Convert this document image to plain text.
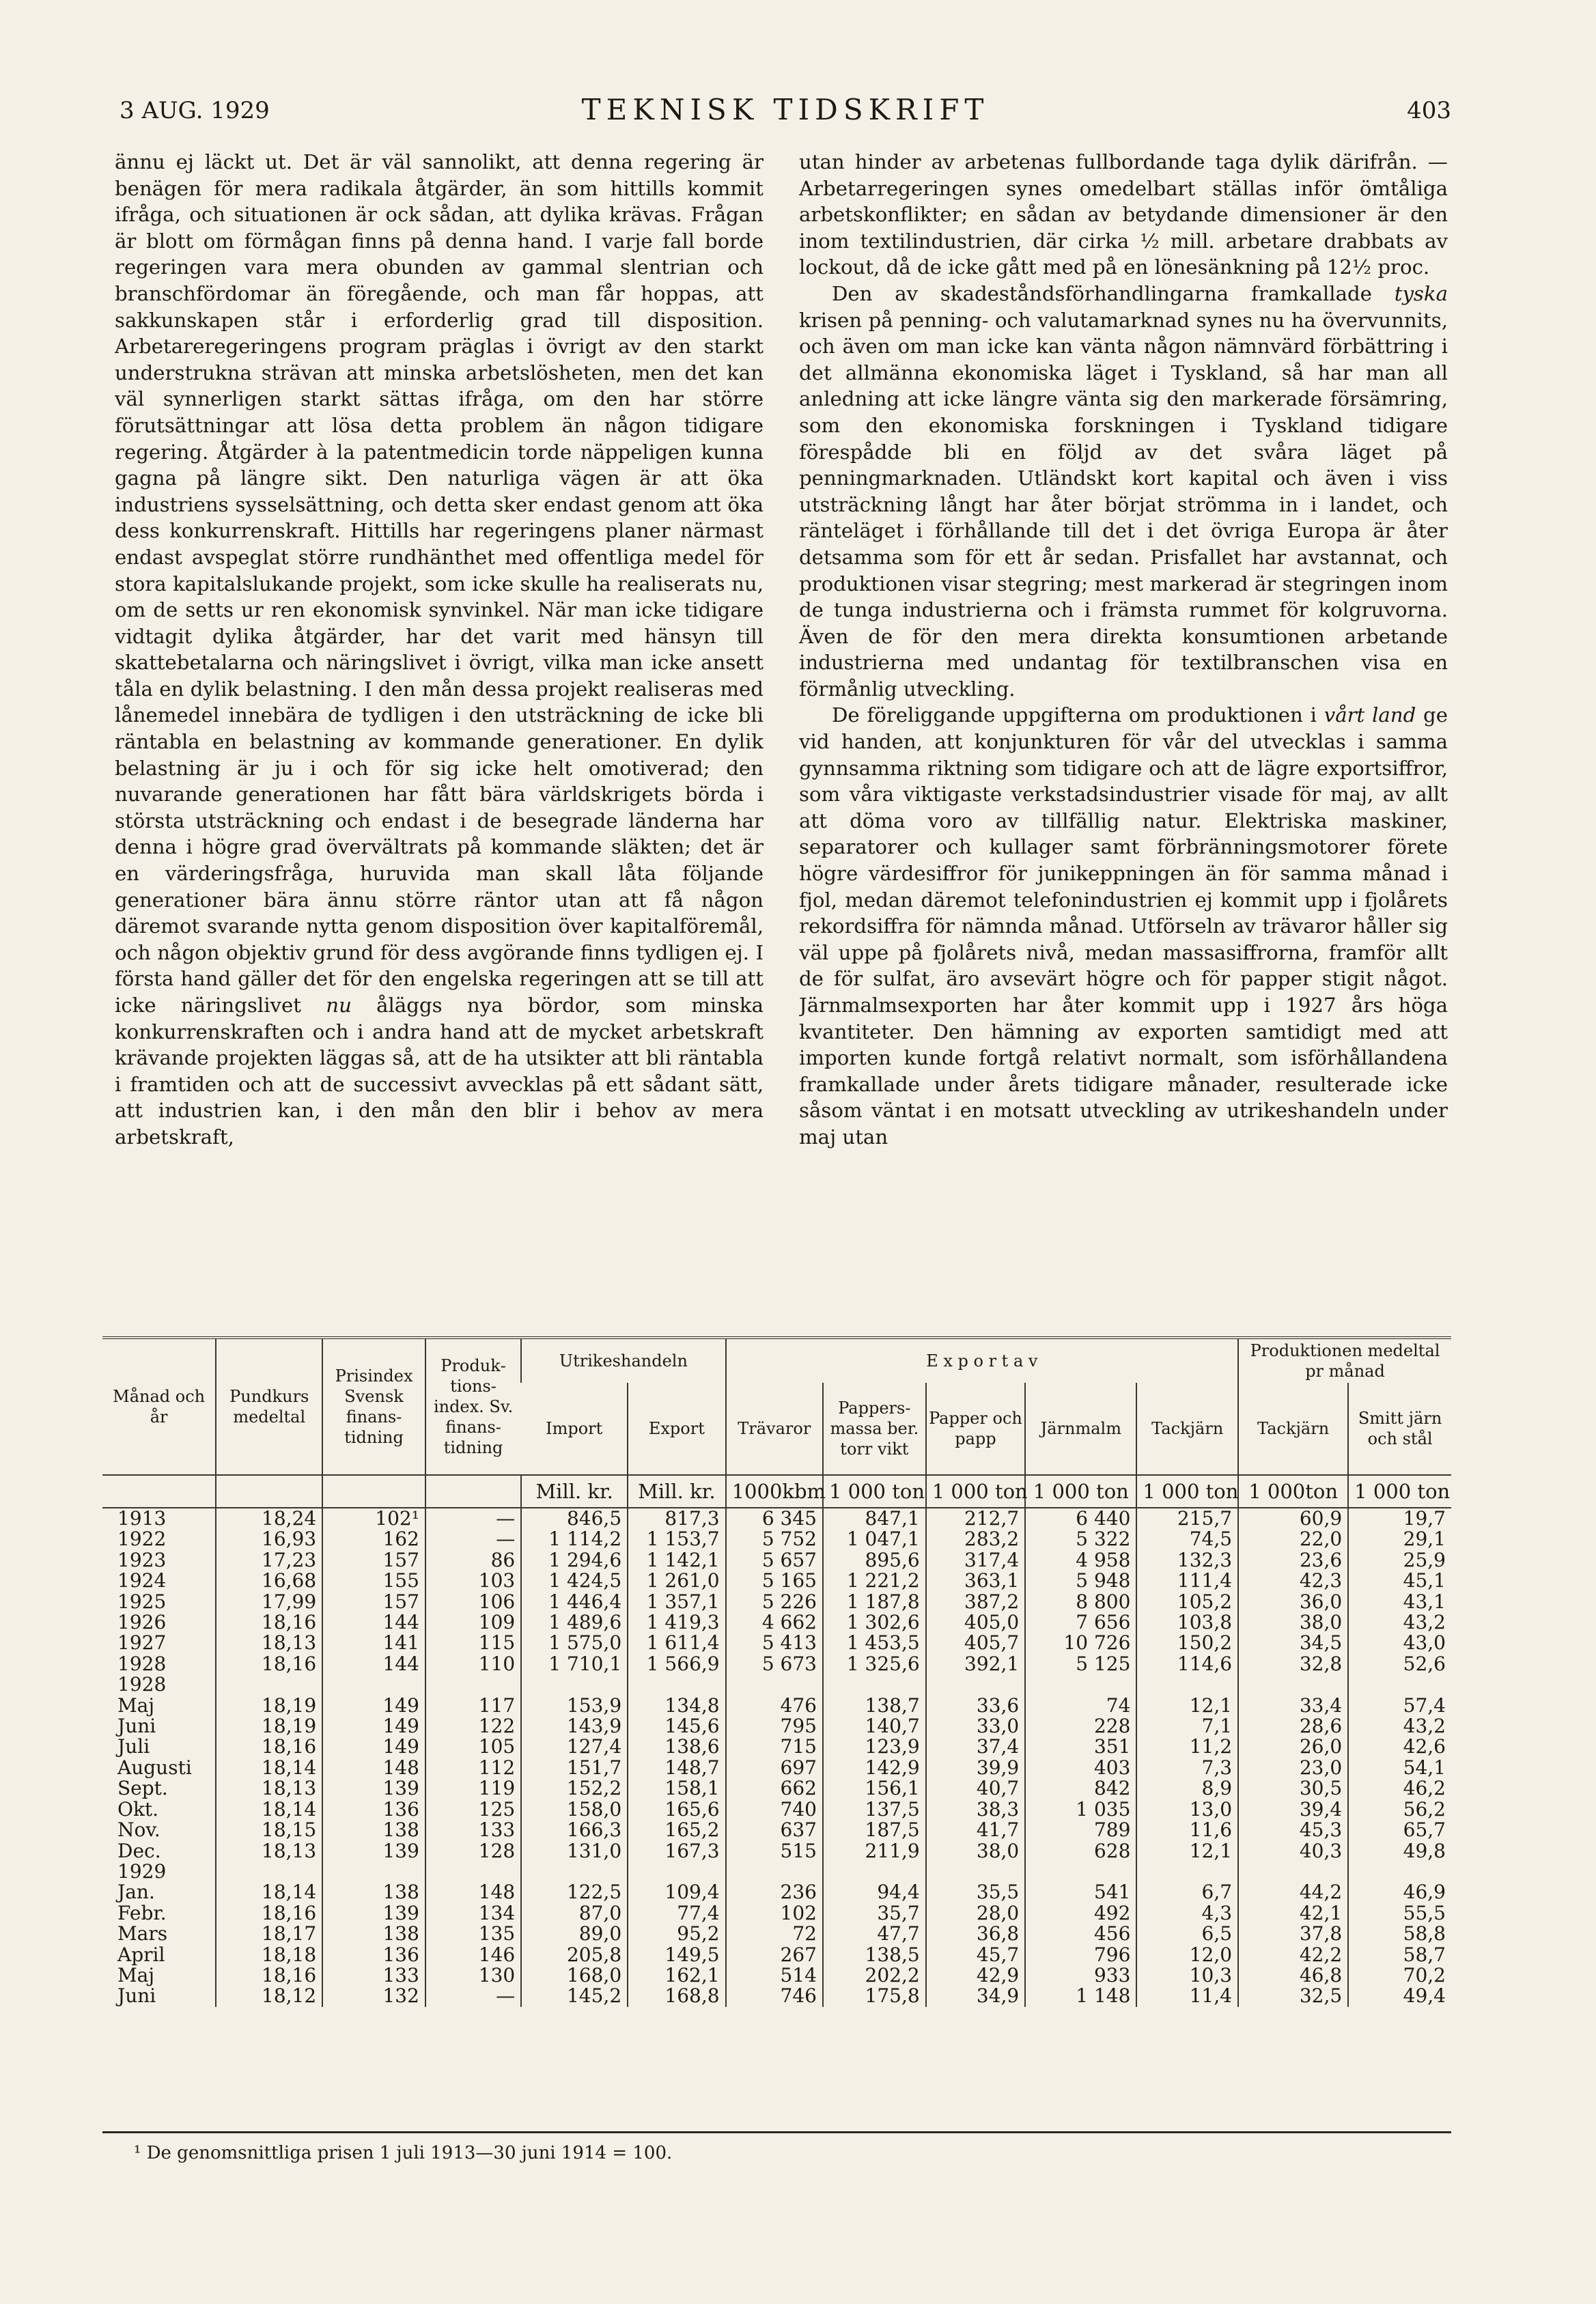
3 AUG. 1929	TEKNISK TIDSKRIFT	403

ännu ej läckt ut. Det är väl sannolikt, att denna regering är benägen för mera radikala åtgärder, än som hittills kommit ifråga, och situationen är ock sådan, att dylika krävas. Frågan är blott om förmågan finns på denna hand. I varje fall borde regeringen vara mera obunden av gammal slentrian och branschfördomar än föregående, och man får hoppas, att sakkunskapen står i erforderlig grad till disposition. Arbetareregeringens program präglas i övrigt av den starkt understrukna strävan att minska arbetslösheten, men det kan väl synnerligen starkt sättas ifråga, om den har större förutsättningar att lösa detta problem än någon tidigare regering. Åtgärder à la patentmedicin torde näppeligen kunna gagna på längre sikt. Den naturliga vägen är att öka industriens sysselsättning, och detta sker endast genom att öka dess konkurrenskraft. Hittills har regeringens planer närmast endast avspeglat större rundhänthet med offentliga medel för stora kapitalslukande projekt, som icke skulle ha realiserats nu, om de setts ur ren ekonomisk synvinkel. När man icke tidigare vidtagit dylika åtgärder, har det varit med hänsyn till skattebetalarna och näringslivet i övrigt, vilka man icke ansett tåla en dylik belastning. I den mån dessa projekt realiseras med lånemedel innebära de tydligen i den utsträckning de icke bli räntabla en belastning av kommande generationer. En dylik belastning är ju i och för sig icke helt omotiverad; den nuvarande generationen har fått bära världskrigets börda i största utsträckning och endast i de besegrade länderna har denna i högre grad övervältrats på kommande släkten; det är en värderingsfråga, huruvida man skall låta följande generationer bära ännu större räntor utan att få någon däremot svarande nytta genom disposition över kapitalföremål, och någon objektiv grund för dess avgörande finns tydligen ej. I första hand gäller det för den engelska regeringen att se till att icke näringslivet nu åläggs nya bördor, som minska konkurrenskraften och i andra hand att de mycket arbetskraft krävande projekten läggas så, att de ha utsikter att bli räntabla i framtiden och att de successivt avvecklas på ett sådant sätt, att industrien kan, i den mån den blir i behov av mera arbetskraft,

utan hinder av arbetenas fullbordande taga dylik därifrån. — Arbetarregeringen synes omedelbart ställas inför ömtåliga arbetskonflikter; en sådan av betydande dimensioner är den inom textilindustrien, där cirka ½ mill. arbetare drabbats av lockout, då de icke gått med på en lönesänkning på 12½ proc.

Den av skadeståndsförhandlingarna framkallade tyska krisen på penning- och valutamarknad synes nu ha övervunnits, och även om man icke kan vänta någon nämnvärd förbättring i det allmänna ekonomiska läget i Tyskland, så har man all anledning att icke längre vänta sig den markerade försämring, som den ekonomiska forskningen i Tyskland tidigare förespådde bli en följd av det svåra läget på penningmarknaden. Utländskt kort kapital och även i viss utsträckning långt har åter börjat strömma in i landet, och ränteläget i förhållande till det i det övriga Europa är åter detsamma som för ett år sedan. Prisfallet har avstannat, och produktionen visar stegring; mest markerad är stegringen inom de tunga industrierna och i främsta rummet för kolgruvorna. Även de för den mera direkta konsumtionen arbetande industrierna med undantag för textilbranschen visa en förmånlig utveckling.

De föreliggande uppgifterna om produktionen i vårt land ge vid handen, att konjunkturen för vår del utvecklas i samma gynnsamma riktning som tidigare och att de lägre exportsiffror, som våra viktigaste verkstadsindustrier visade för maj, av allt att döma voro av tillfällig natur. Elektriska maskiner, separatorer och kullager samt förbränningsmotorer förete högre värdesiffror för junikeppningen än för samma månad i fjol, medan däremot telefonindustrien ej kommit upp i fjolårets rekordsiffra för nämnda månad. Utförseln av trävaror håller sig väl uppe på fjolårets nivå, medan massasiffrorna, framför allt de för sulfat, äro avsevärt högre och för papper stigit något. Järnmalmsexporten har åter kommit upp i 1927 års höga kvantiteter. Den hämning av exporten samtidigt med att importen kunde fortgå relativt normalt, som isförhållandena framkallade under årets tidigare månader, resulterade icke såsom väntat i en motsatt utveckling av utrikeshandeln under maj utan

Månad och år	Pundkurs medeltal	Prisindex Svensk finanstidning	Produktionsindex. Sv. finanstidning	Utrikeshandeln		E x p o r t a v					Produktionen medeltal pr månad	
				Import	Export	Trävaror	Pappersmassa ber. torr vikt	Papper och papp	Järnmalm	Tackjärn	Tackjärn	Smitt järn och stål
				Mill. kr.	Mill. kr.	1000kbm	1 000 ton	1 000 ton	1 000 ton	1 000 ton	1 000ton	1 000 ton
1913	18,24	102¹	—	846,5	817,3	6 345	847,1	212,7	6 440	215,7	60,9	19,7
1922	16,93	162	—	1 114,2	1 153,7	5 752	1 047,1	283,2	5 322	74,5	22,0	29,1
1923	17,23	157	86	1 294,6	1 142,1	5 657	895,6	317,4	4 958	132,3	23,6	25,9
1924	16,68	155	103	1 424,5	1 261,0	5 165	1 221,2	363,1	5 948	111,4	42,3	45,1
1925	17,99	157	106	1 446,4	1 357,1	5 226	1 187,8	387,2	8 800	105,2	36,0	43,1
1926	18,16	144	109	1 489,6	1 419,3	4 662	1 302,6	405,0	7 656	103,8	38,0	43,2
1927	18,13	141	115	1 575,0	1 611,4	5 413	1 453,5	405,7	10 726	150,2	34,5	43,0
1928	18,16	144	110	1 710,1	1 566,9	5 673	1 325,6	392,1	5 125	114,6	32,8	52,6
1928												
Maj	18,19	149	117	153,9	134,8	476	138,7	33,6	74	12,1	33,4	57,4
Juni	18,19	149	122	143,9	145,6	795	140,7	33,0	228	7,1	28,6	43,2
Juli	18,16	149	105	127,4	138,6	715	123,9	37,4	351	11,2	26,0	42,6
Augusti	18,14	148	112	151,7	148,7	697	142,9	39,9	403	7,3	23,0	54,1
Sept.	18,13	139	119	152,2	158,1	662	156,1	40,7	842	8,9	30,5	46,2
Okt.	18,14	136	125	158,0	165,6	740	137,5	38,3	1 035	13,0	39,4	56,2
Nov.	18,15	138	133	166,3	165,2	637	187,5	41,7	789	11,6	45,3	65,7
Dec.	18,13	139	128	131,0	167,3	515	211,9	38,0	628	12,1	40,3	49,8
1929												
Jan.	18,14	138	148	122,5	109,4	236	94,4	35,5	541	6,7	44,2	46,9
Febr.	18,16	139	134	87,0	77,4	102	35,7	28,0	492	4,3	42,1	55,5
Mars	18,17	138	135	89,0	95,2	72	47,7	36,8	456	6,5	37,8	58,8
April	18,18	136	146	205,8	149,5	267	138,5	45,7	796	12,0	42,2	58,7
Maj	18,16	133	130	168,0	162,1	514	202,2	42,9	933	10,3	46,8	70,2
Juni	18,12	132	—	145,2	168,8	746	175,8	34,9	1 148	11,4	32,5	49,4
¹ De genomsnittliga prisen 1 juli 1913—30 juni 1914 = 100.
